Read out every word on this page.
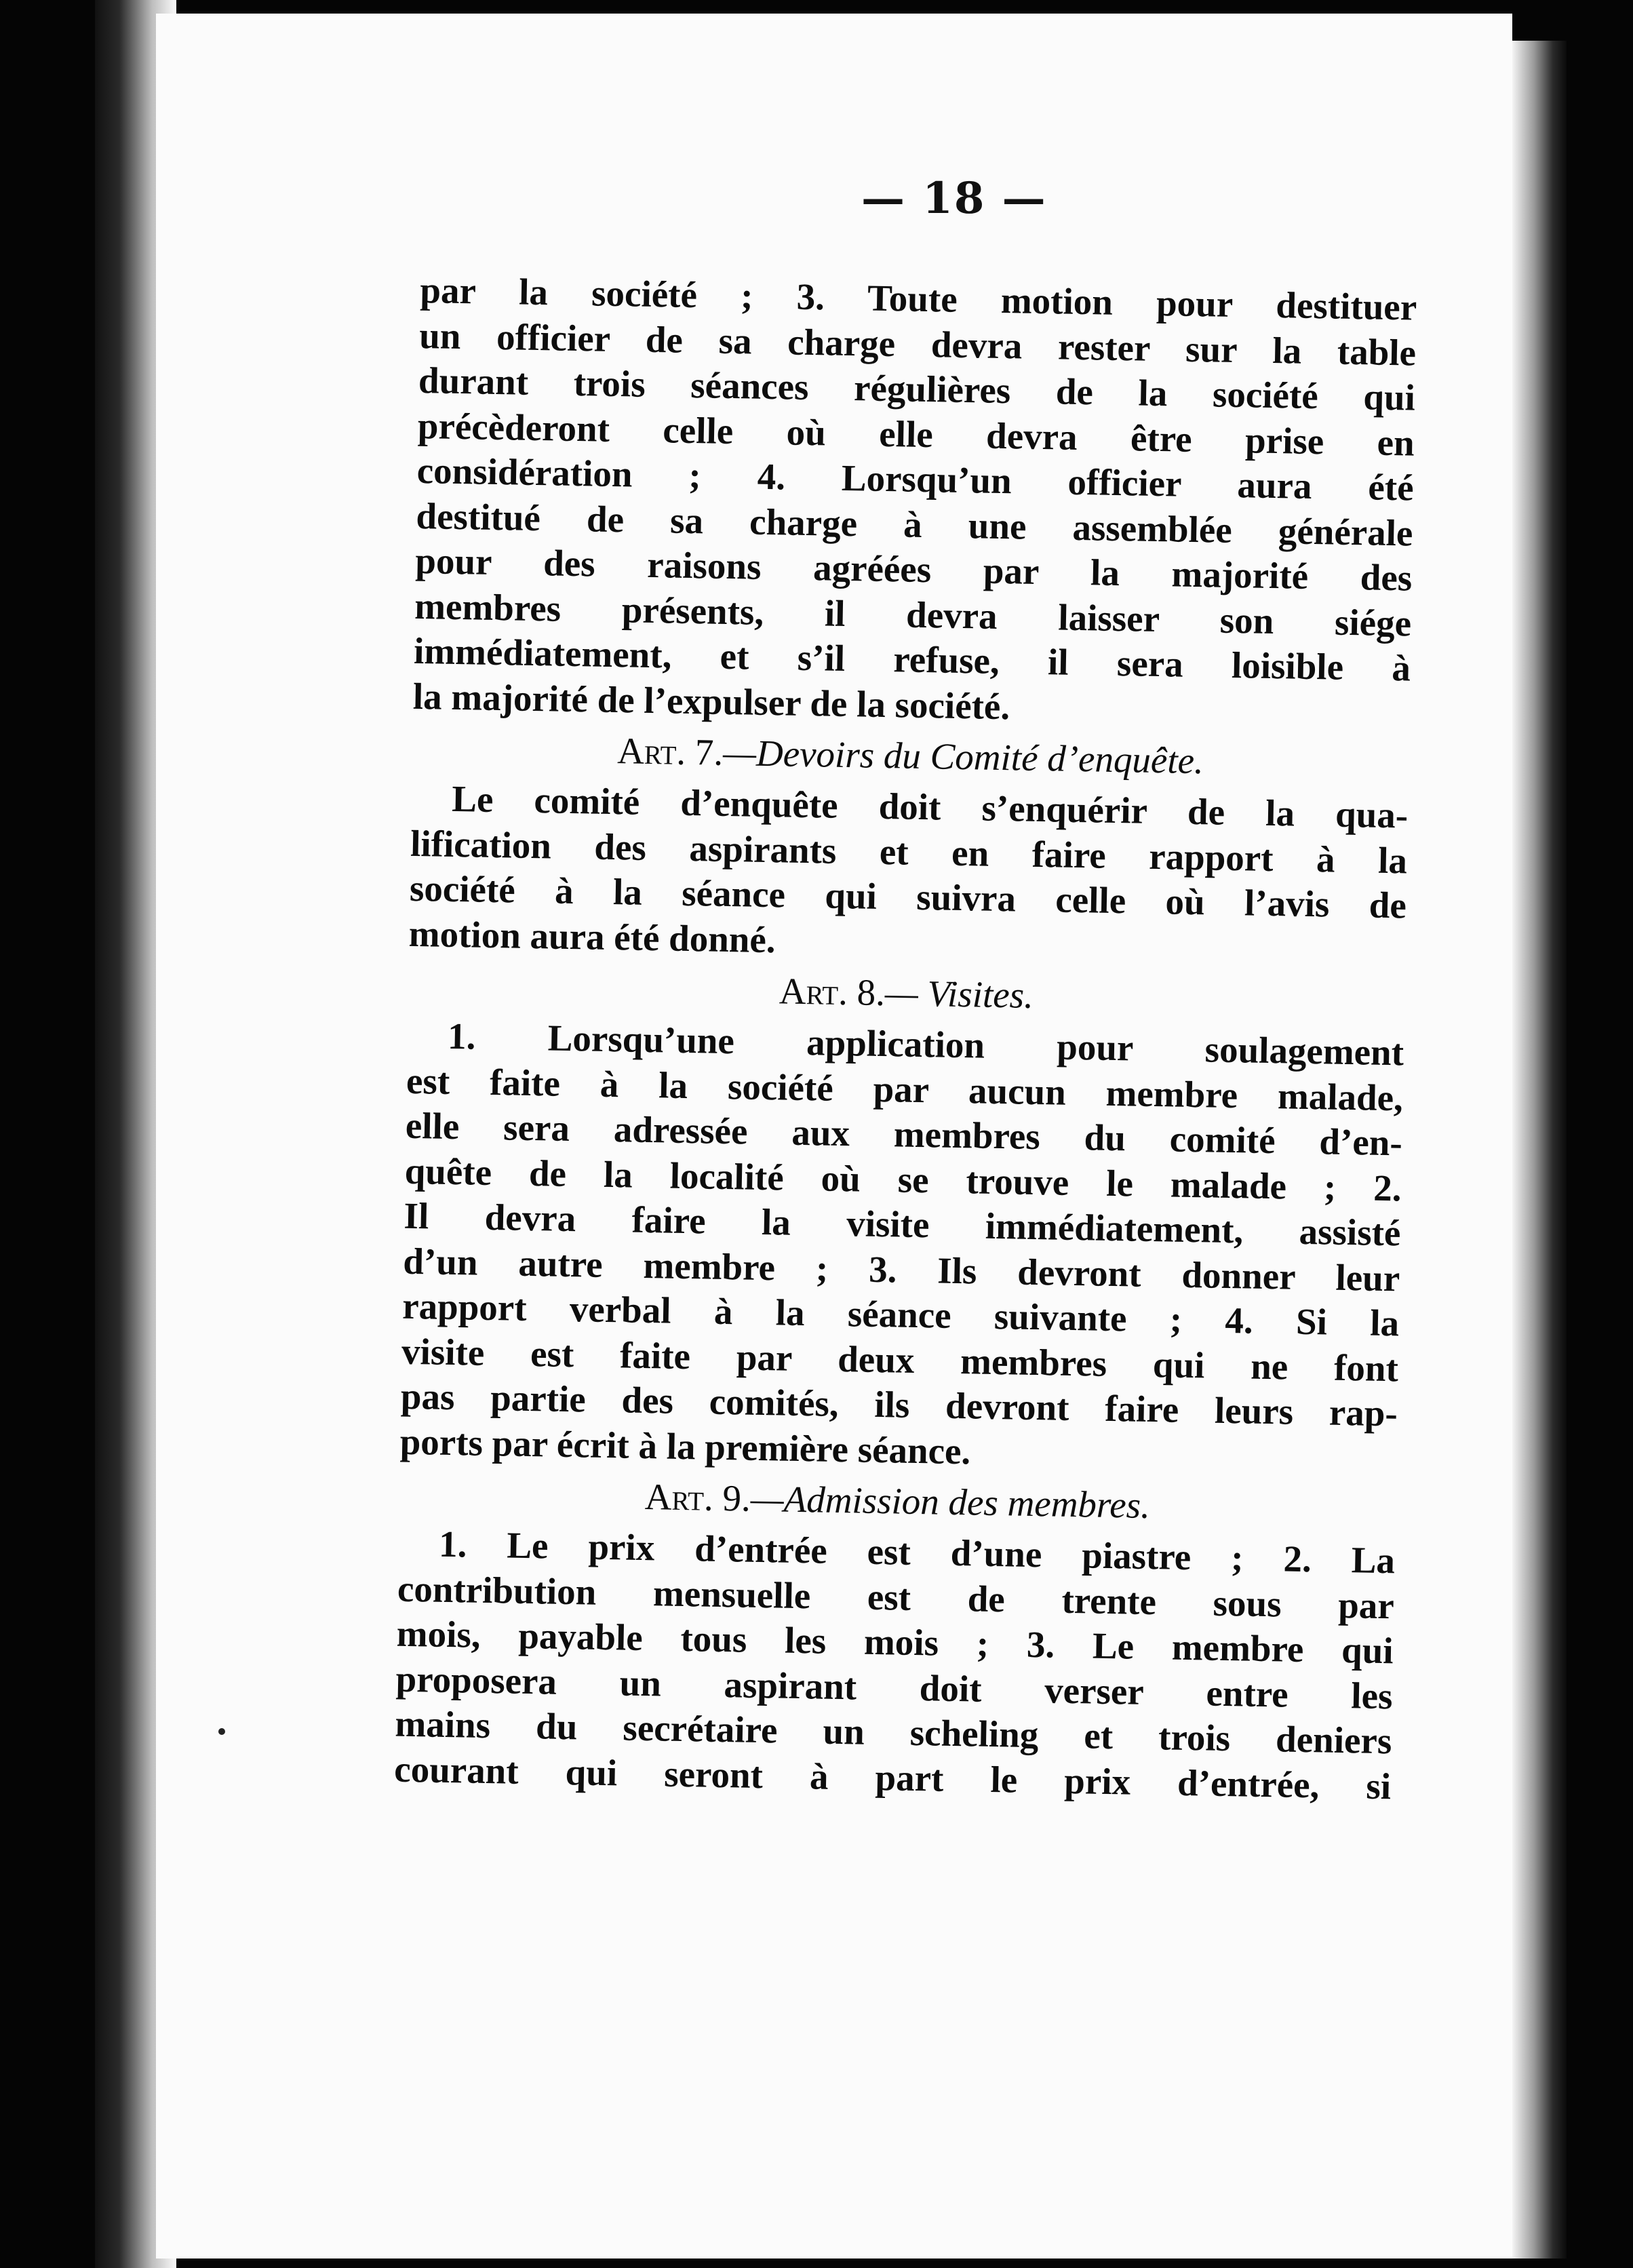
— 18 —
par la société ; 3. Toute motion pour destituer
un officier de sa charge devra rester sur la table
durant trois séances régulières de la société qui
précèderont celle où elle devra être prise en
considération ; 4. Lorsqu’un officier aura été
destitué de sa charge à une assemblée générale
pour des raisons agréées par la majorité des
membres présents, il devra laisser son siége
immédiatement, et s’il refuse, il sera loisible à
la majorité de l’expulser de la société.
Art. 7.—Devoirs du Comité d’enquête.
Le comité d’enquête doit s’enquérir de la qua-
lification des aspirants et en faire rapport à la
société à la séance qui suivra celle où l’avis de
motion aura été donné.
Art. 8.— Visites.
1. Lorsqu’une application pour soulagement
est faite à la société par aucun membre malade,
elle sera adressée aux membres du comité d’en-
quête de la localité où se trouve le malade ; 2.
Il devra faire la visite immédiatement, assisté
d’un autre membre ; 3. Ils devront donner leur
rapport verbal à la séance suivante ; 4. Si la
visite est faite par deux membres qui ne font
pas partie des comités, ils devront faire leurs rap-
ports par écrit à la première séance.
Art. 9.—Admission des membres.
1. Le prix d’entrée est d’une piastre ; 2. La
contribution mensuelle est de trente sous par
mois, payable tous les mois ; 3. Le membre qui
proposera un aspirant doit verser entre les
mains du secrétaire un scheling et trois deniers
courant qui seront à part le prix d’entrée, si
